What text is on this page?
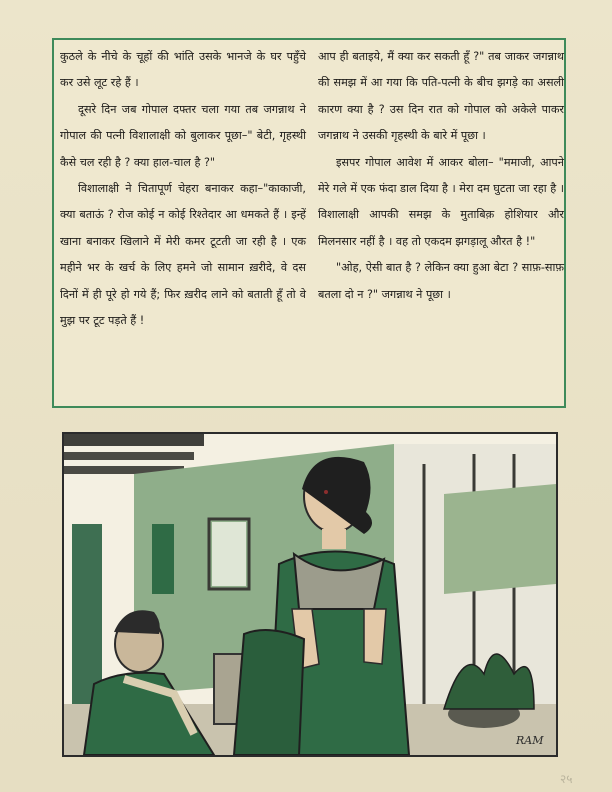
कुठले के नीचे के चूहों की भांति उसके भानजे के घर पहुँचे कर उसे लूट रहे हैं ।

दूसरे दिन जब गोपाल दफ्तर चला गया तब जगन्नाथ ने गोपाल की पत्नी विशालाक्षी को बुलाकर पूछा–" बेटी, गृहस्थी कैसे चल रही है ? क्या हाल-चाल है ?"

विशालाक्षी ने चितापूर्ण चेहरा बनाकर कहा–"काकाजी, क्या बताऊं ? रोज कोई न कोई रिश्तेदार आ धमकते हैं । इन्हें खाना बनाकर खिलाने में मेरी कमर टूटती जा रही है । एक महीने भर के खर्च के लिए हमने जो सामान ख़रीदे, वे दस दिनों में ही पूरे हो गये हैं; फिर ख़रीद लाने को बताती हूँ तो वे मुझ पर टूट पड़ते हैं !

आप ही बताइये, मैं क्या कर सकती हूँ ?" तब जाकर जगन्नाथ की समझ में आ गया कि पति-पत्नी के बीच झगड़े का असली कारण क्या है ? उस दिन रात को गोपाल को अकेले पाकर जगन्नाथ ने उसकी गृहस्थी के बारे में पूछा ।

इसपर गोपाल आवेश में आकर बोला– "ममाजी, आपने मेरे गले में एक फंदा डाल दिया है । मेरा दम घुटता जा रहा है । विशालाक्षी आपकी समझ के मुताबिक़ होशियार और मिलनसार नहीं है । वह तो एकदम झगड़ालू औरत है !"

"ओह, ऐसी बात है ? लेकिन क्या हुआ बेटा ? साफ़-साफ़ बतला दो न ?" जगन्नाथ ने पूछा ।

RAM
२५
